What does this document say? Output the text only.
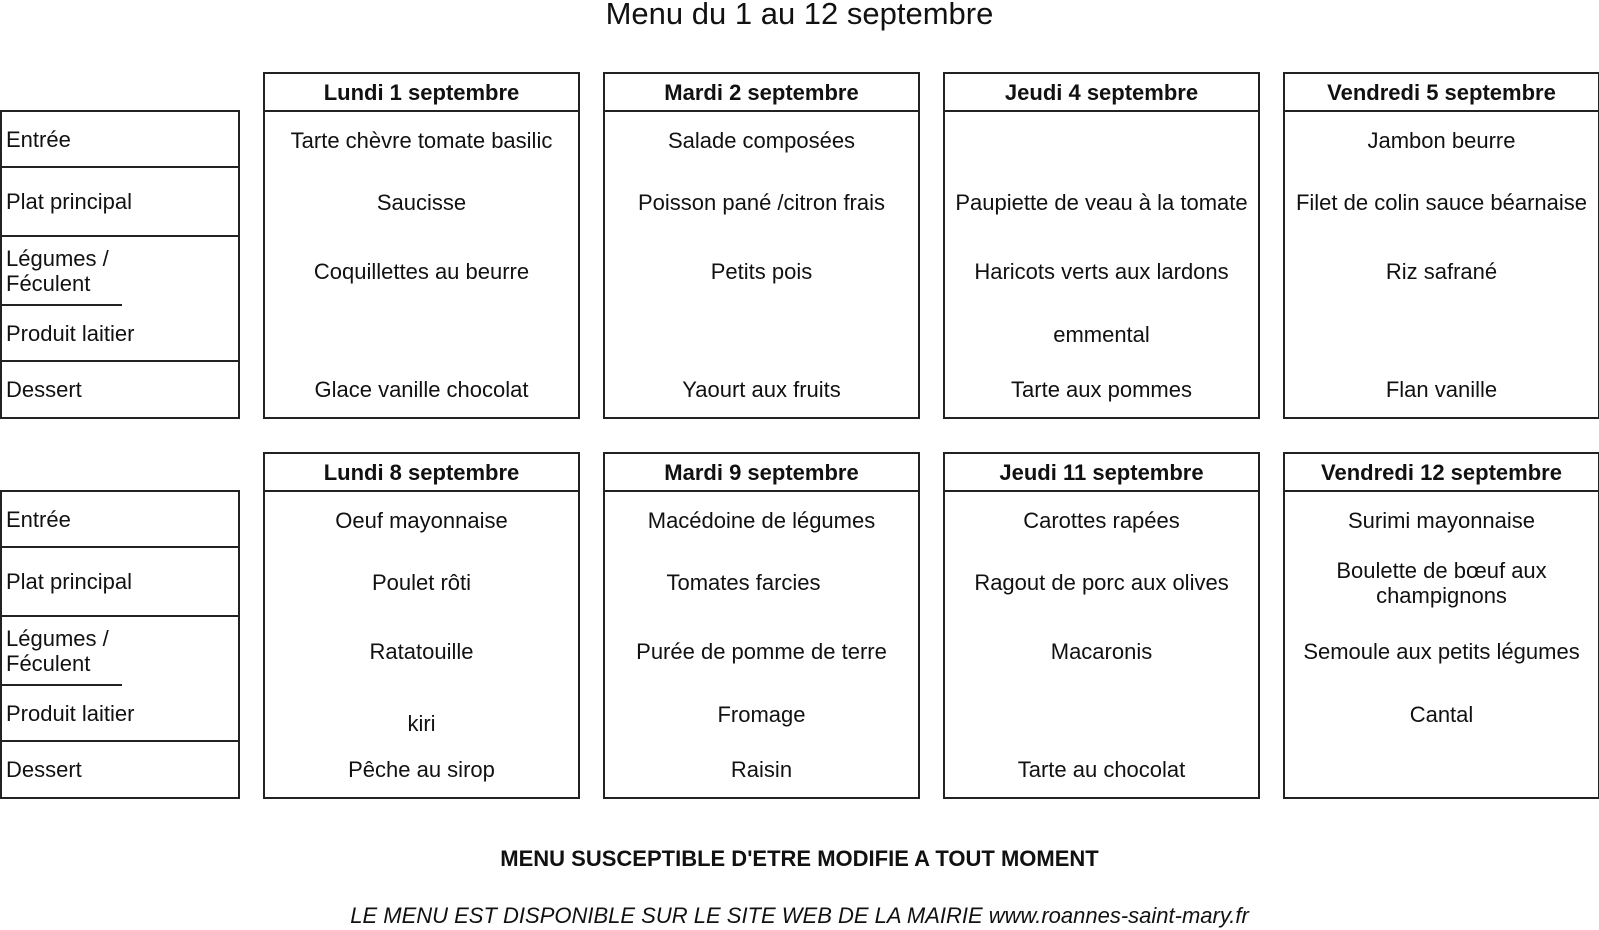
Menu du 1 au 12 septembre
Entrée
Plat principal
Légumes / Féculent
Produit laitier
Dessert
Lundi 1 septembre
Tarte chèvre tomate basilic
Saucisse
Coquillettes au beurre
Glace vanille chocolat
Mardi 2 septembre
Salade composées
Poisson pané /citron frais
Petits pois
Yaourt aux fruits
Jeudi 4 septembre
Paupiette de veau à la tomate
Haricots verts aux lardons
emmental
Tarte aux pommes
Vendredi 5 septembre
Jambon beurre
Filet de colin sauce béarnaise
Riz safrané
Flan vanille
Entrée
Plat principal
Légumes / Féculent
Produit laitier
Dessert
Lundi 8 septembre
Oeuf mayonnaise
Poulet rôti
Ratatouille
kiri
Pêche au sirop
Mardi 9 septembre
Macédoine de légumes
Tomates farcies
Purée de pomme de terre
Fromage
Raisin
Jeudi 11 septembre
Carottes rapées
Ragout de porc aux olives
Macaronis
Tarte au chocolat
Vendredi 12 septembre
Surimi mayonnaise
Boulette de bœuf aux champignons
Semoule aux petits légumes
Cantal
MENU SUSCEPTIBLE D'ETRE MODIFIE A TOUT MOMENT
LE MENU EST DISPONIBLE SUR LE SITE WEB DE LA MAIRIE www.roannes-saint-mary.fr
